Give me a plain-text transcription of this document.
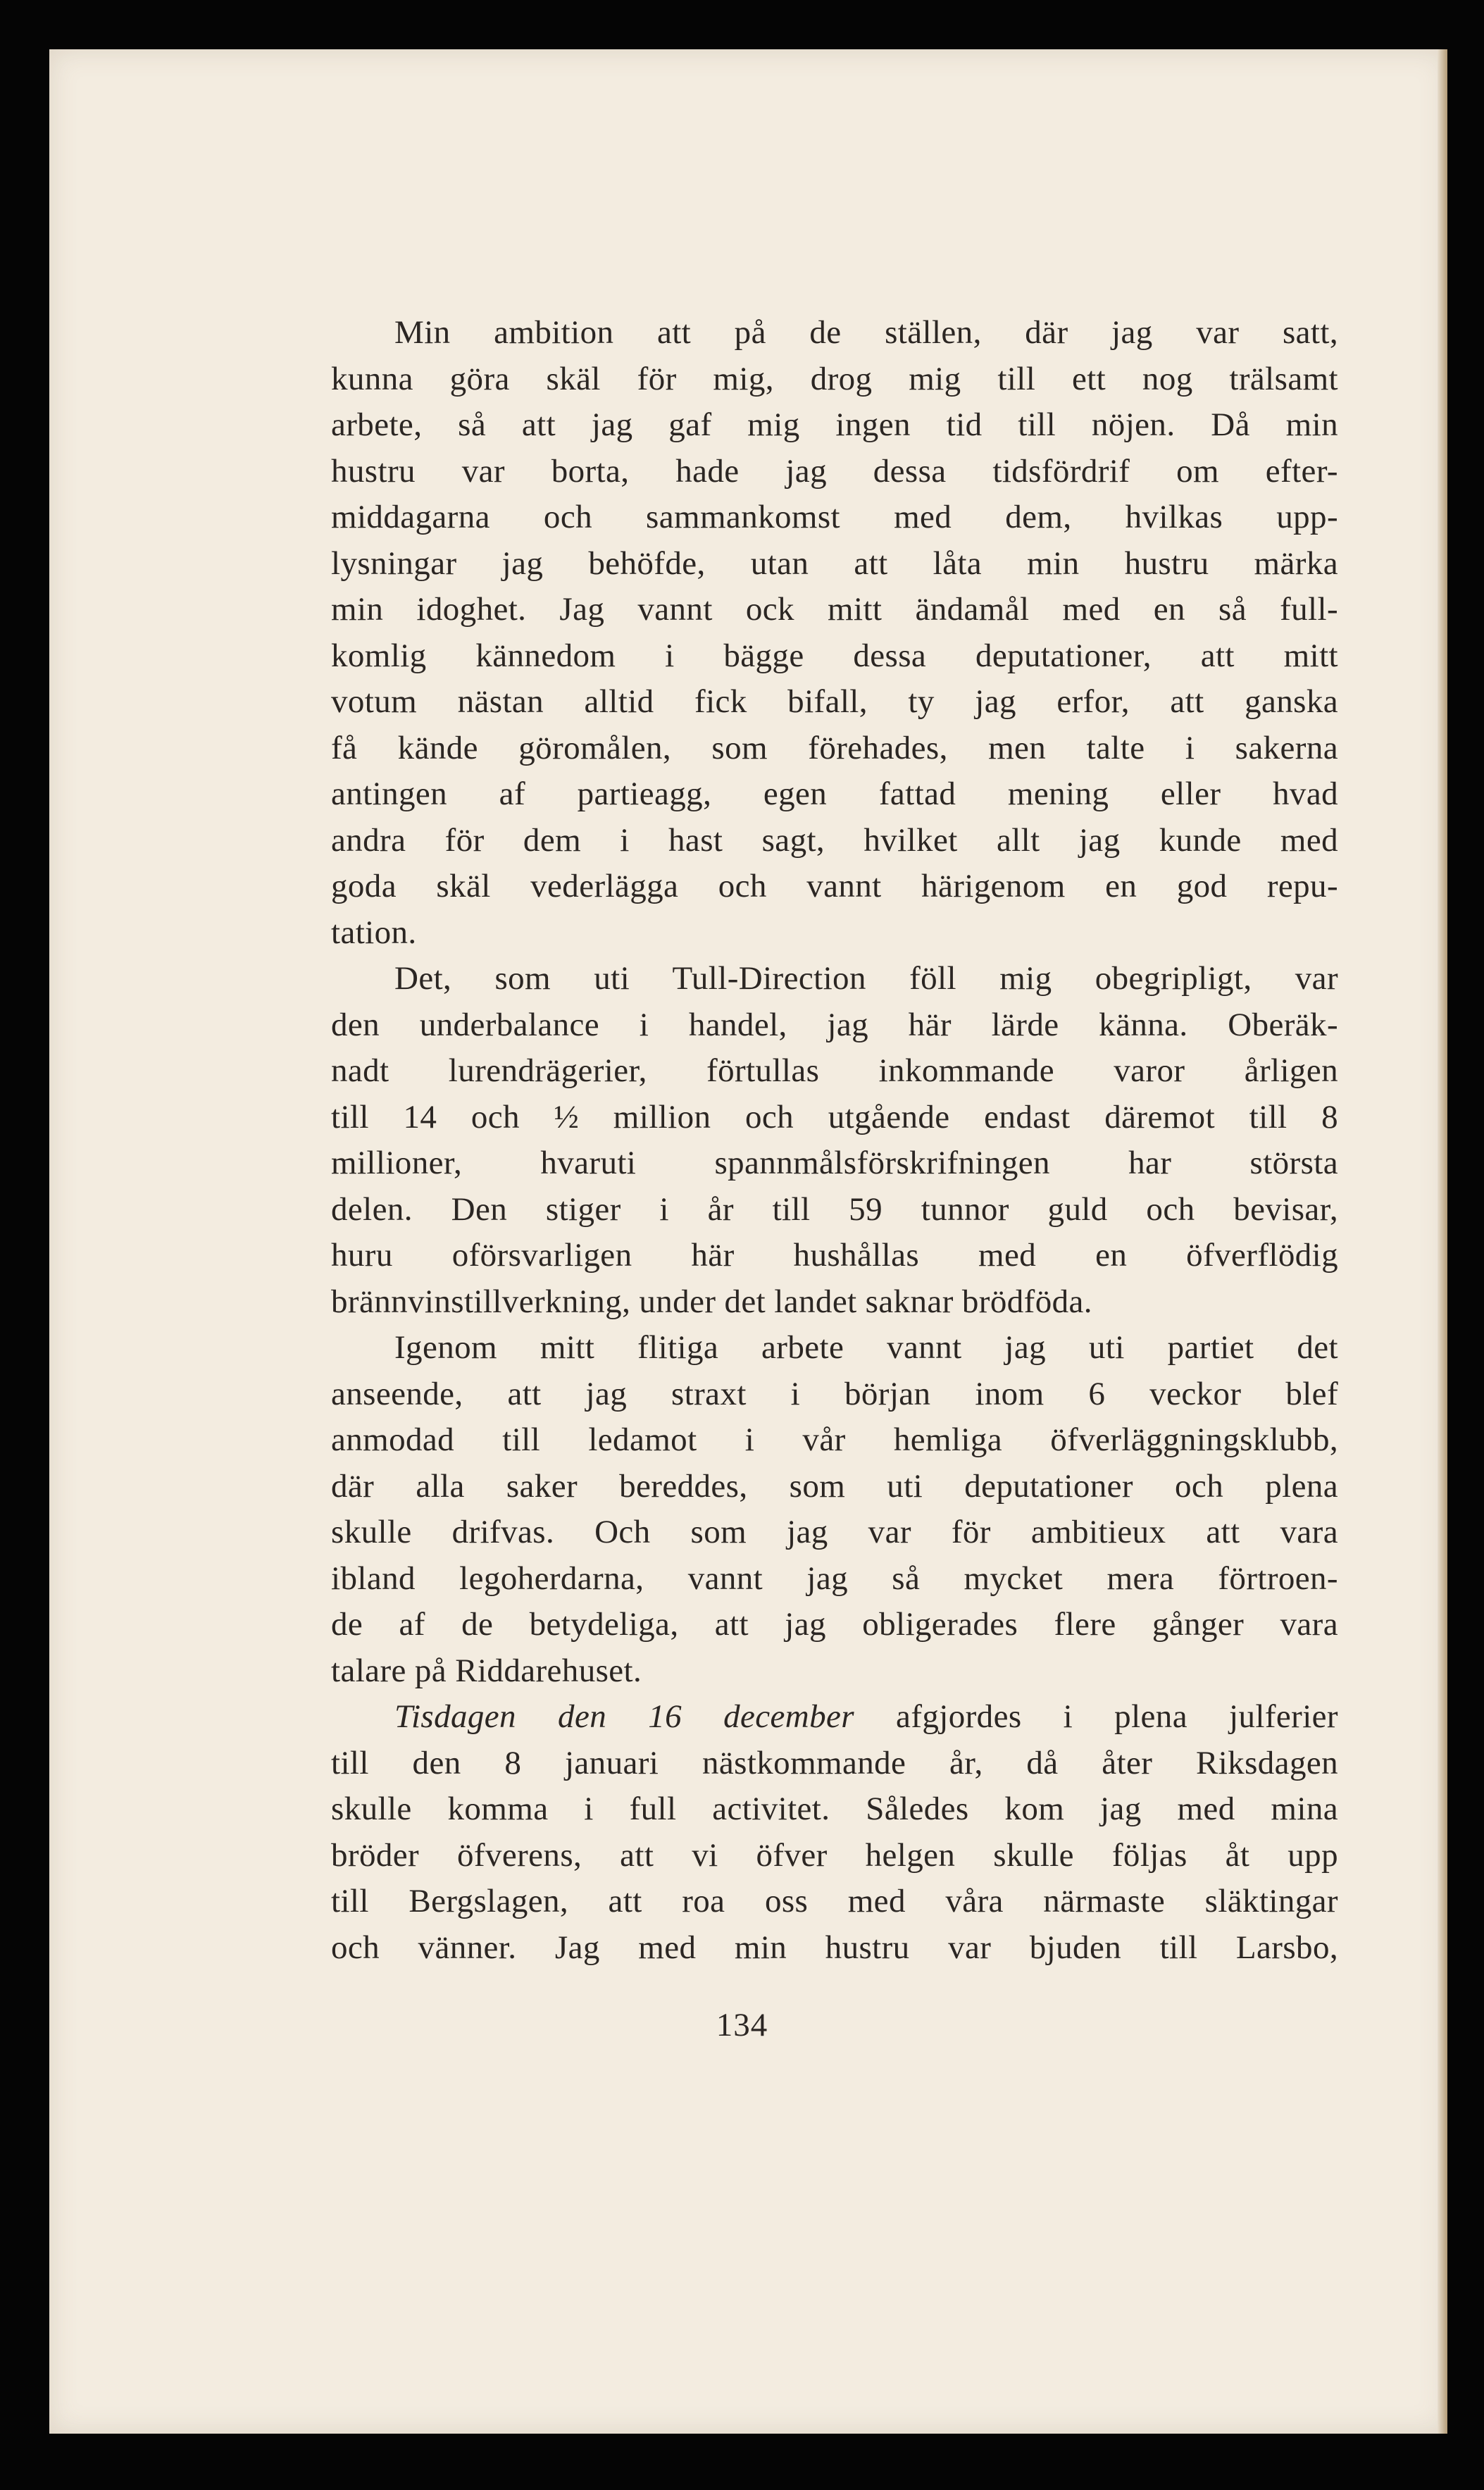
Min ambition att på de ställen, där jag var satt,
kunna göra skäl för mig, drog mig till ett nog trälsamt
arbete, så att jag gaf mig ingen tid till nöjen. Då min
hustru var borta, hade jag dessa tidsfördrif om efter-
middagarna och sammankomst med dem, hvilkas upp-
lysningar jag behöfde, utan att låta min hustru märka
min idoghet. Jag vannt ock mitt ändamål med en så full-
komlig kännedom i bägge dessa deputationer, att mitt
votum nästan alltid fick bifall, ty jag erfor, att ganska
få kände göromålen, som förehades, men talte i sakerna
antingen af partieagg, egen fattad mening eller hvad
andra för dem i hast sagt, hvilket allt jag kunde med
goda skäl vederlägga och vannt härigenom en god repu-
tation.
Det, som uti Tull-Direction föll mig obegripligt, var
den underbalance i handel, jag här lärde känna. Oberäk-
nadt lurendrägerier, förtullas inkommande varor årligen
till 14 och ½ million och utgående endast däremot till 8
millioner, hvaruti spannmålsförskrifningen har största
delen. Den stiger i år till 59 tunnor guld och bevisar,
huru oförsvarligen här hushållas med en öfverflödig
brännvinstillverkning, under det landet saknar brödföda.
Igenom mitt flitiga arbete vannt jag uti partiet det
anseende, att jag straxt i början inom 6 veckor blef
anmodad till ledamot i vår hemliga öfverläggningsklubb,
där alla saker bereddes, som uti deputationer och plena
skulle drifvas. Och som jag var för ambitieux att vara
ibland legoherdarna, vannt jag så mycket mera förtroen-
de af de betydeliga, att jag obligerades flere gånger vara
talare på Riddarehuset.
Tisdagen den 16 december afgjordes i plena julferier
till den 8 januari nästkommande år, då åter Riksdagen
skulle komma i full activitet. Således kom jag med mina
bröder öfverens, att vi öfver helgen skulle följas åt upp
till Bergslagen, att roa oss med våra närmaste släktingar
och vänner. Jag med min hustru var bjuden till Larsbo,
134
